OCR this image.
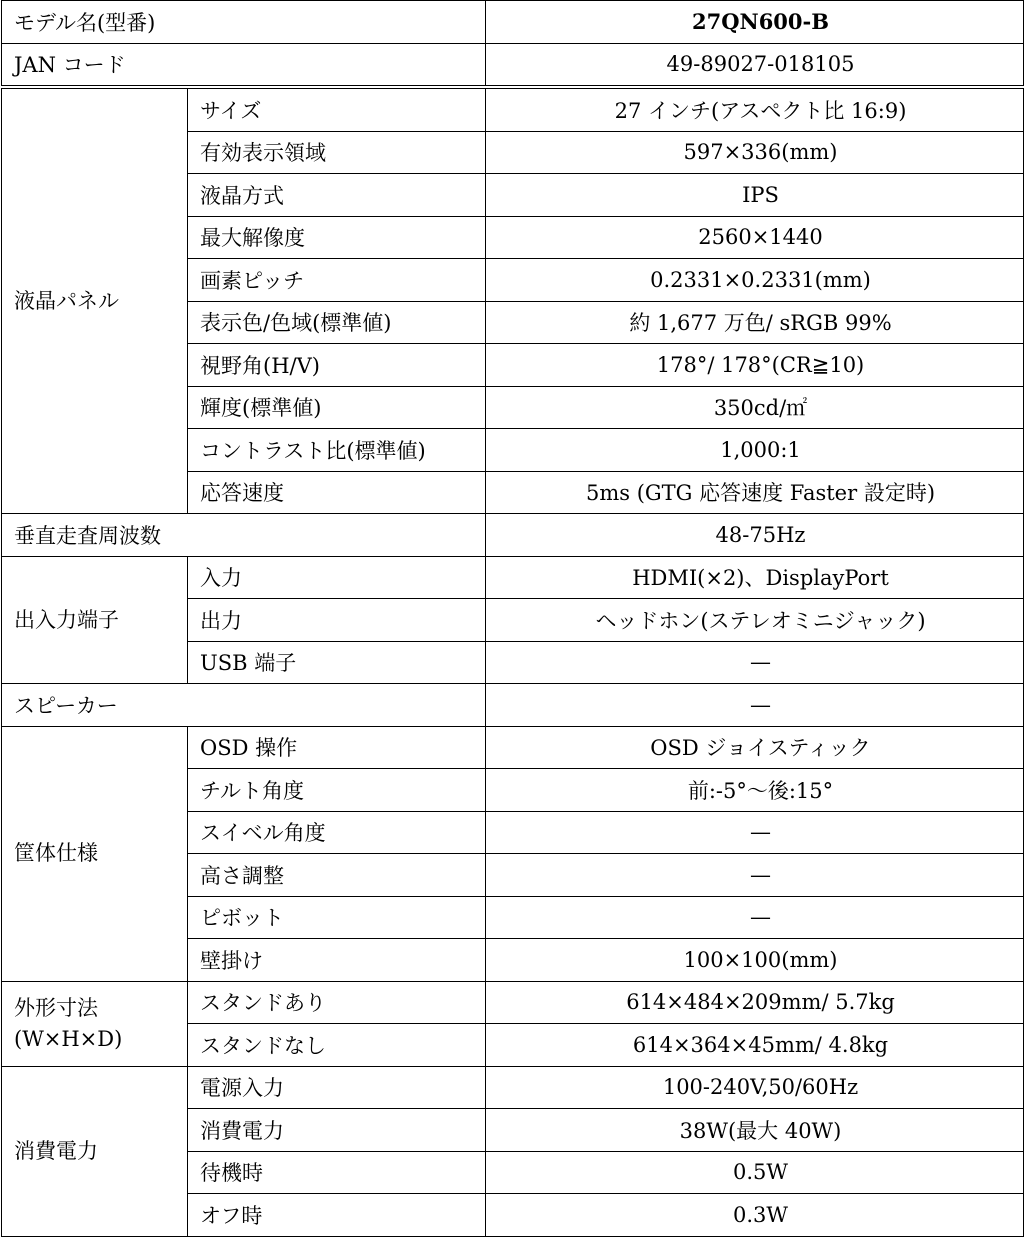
モデル名(型番)		27QN600-B
JAN コード		49-89027-018105
液晶パネル	サイズ	27 インチ(アスペクト比 16:9)
	有効表示領域	597×336(mm)
	液晶方式	IPS
	最大解像度	2560×1440
	画素ピッチ	0.2331×0.2331(mm)
	表示色/色域(標準値)	約 1,677 万色/ sRGB 99%
	視野角(H/V)	178°/ 178°(CR≧10)
	輝度(標準値)	350cd/㎡
	コントラスト比(標準値)	1,000:1
	応答速度	5ms (GTG 応答速度 Faster 設定時)
垂直走査周波数		48-75Hz
出入力端子	入力	HDMI(×2)、DisplayPort
	出力	ヘッドホン(ステレオミニジャック)
	USB 端子	—
スピーカー		—
筐体仕様	OSD 操作	OSD ジョイスティック
	チルト角度	前:-5°〜後:15°
	スイベル角度	—
	高さ調整	—
	ピボット	—
	壁掛け	100×100(mm)
外形寸法
(W×H×D)	スタンドあり	614×484×209mm/ 5.7kg
	スタンドなし	614×364×45mm/ 4.8kg
消費電力	電源入力	100-240V,50/60Hz
	消費電力	38W(最大 40W)
	待機時	0.5W
	オフ時	0.3W
